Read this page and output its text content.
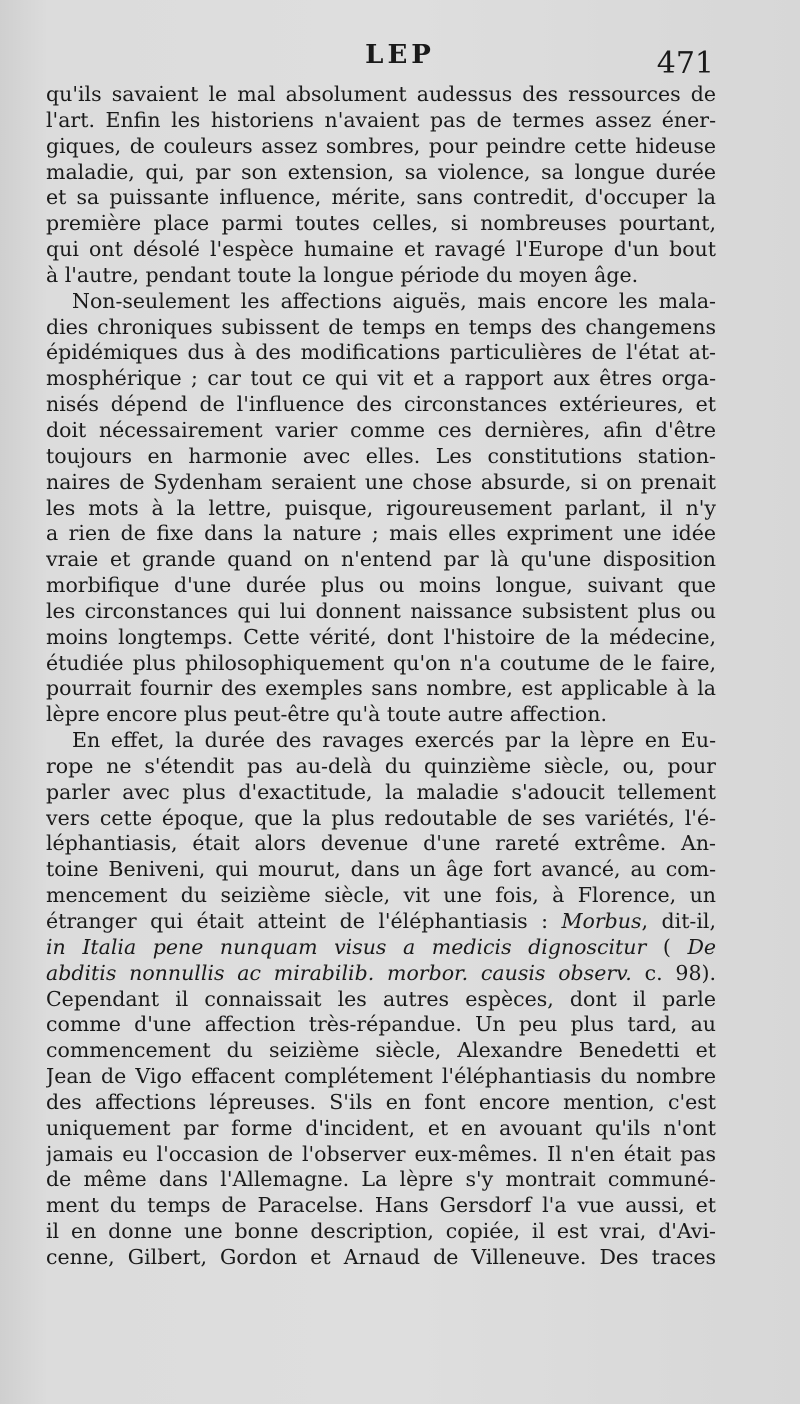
LEP	471
qu'ils savaient le mal absolument audessus des ressources de
l'art. Enfin les historiens n'avaient pas de termes assez éner-
giques, de couleurs assez sombres, pour peindre cette hideuse
maladie, qui, par son extension, sa violence, sa longue durée
et sa puissante influence, mérite, sans contredit, d'occuper la
première place parmi toutes celles, si nombreuses pourtant,
qui ont désolé l'espèce humaine et ravagé l'Europe d'un bout
à l'autre, pendant toute la longue période du moyen âge.
Non-seulement les affections aiguës, mais encore les mala-
dies chroniques subissent de temps en temps des changemens
épidémiques dus à des modifications particulières de l'état at-
mosphérique ; car tout ce qui vit et a rapport aux êtres orga-
nisés dépend de l'influence des circonstances extérieures, et
doit nécessairement varier comme ces dernières, afin d'être
toujours en harmonie avec elles. Les constitutions station-
naires de Sydenham seraient une chose absurde, si on prenait
les mots à la lettre, puisque, rigoureusement parlant, il n'y
a rien de fixe dans la nature ; mais elles expriment une idée
vraie et grande quand on n'entend par là qu'une disposition
morbifique d'une durée plus ou moins longue, suivant que
les circonstances qui lui donnent naissance subsistent plus ou
moins longtemps. Cette vérité, dont l'histoire de la médecine,
étudiée plus philosophiquement qu'on n'a coutume de le faire,
pourrait fournir des exemples sans nombre, est applicable à la
lèpre encore plus peut-être qu'à toute autre affection.
En effet, la durée des ravages exercés par la lèpre en Eu-
rope ne s'étendit pas au-delà du quinzième siècle, ou, pour
parler avec plus d'exactitude, la maladie s'adoucit tellement
vers cette époque, que la plus redoutable de ses variétés, l'é-
léphantiasis, était alors devenue d'une rareté extrême. An-
toine Beniveni, qui mourut, dans un âge fort avancé, au com-
mencement du seizième siècle, vit une fois, à Florence, un
étranger qui était atteint de l'éléphantiasis : Morbus, dit-il,
in Italia pene nunquam visus a medicis dignoscitur ( De
abditis nonnullis ac mirabilib. morbor. causis observ. c. 98).
Cependant il connaissait les autres espèces, dont il parle
comme d'une affection très-répandue. Un peu plus tard, au
commencement du seizième siècle, Alexandre Benedetti et
Jean de Vigo effacent complétement l'éléphantiasis du nombre
des affections lépreuses. S'ils en font encore mention, c'est
uniquement par forme d'incident, et en avouant qu'ils n'ont
jamais eu l'occasion de l'observer eux-mêmes. Il n'en était pas
de même dans l'Allemagne. La lèpre s'y montrait communé-
ment du temps de Paracelse. Hans Gersdorf l'a vue aussi, et
il en donne une bonne description, copiée, il est vrai, d'Avi-
cenne, Gilbert, Gordon et Arnaud de Villeneuve. Des traces
